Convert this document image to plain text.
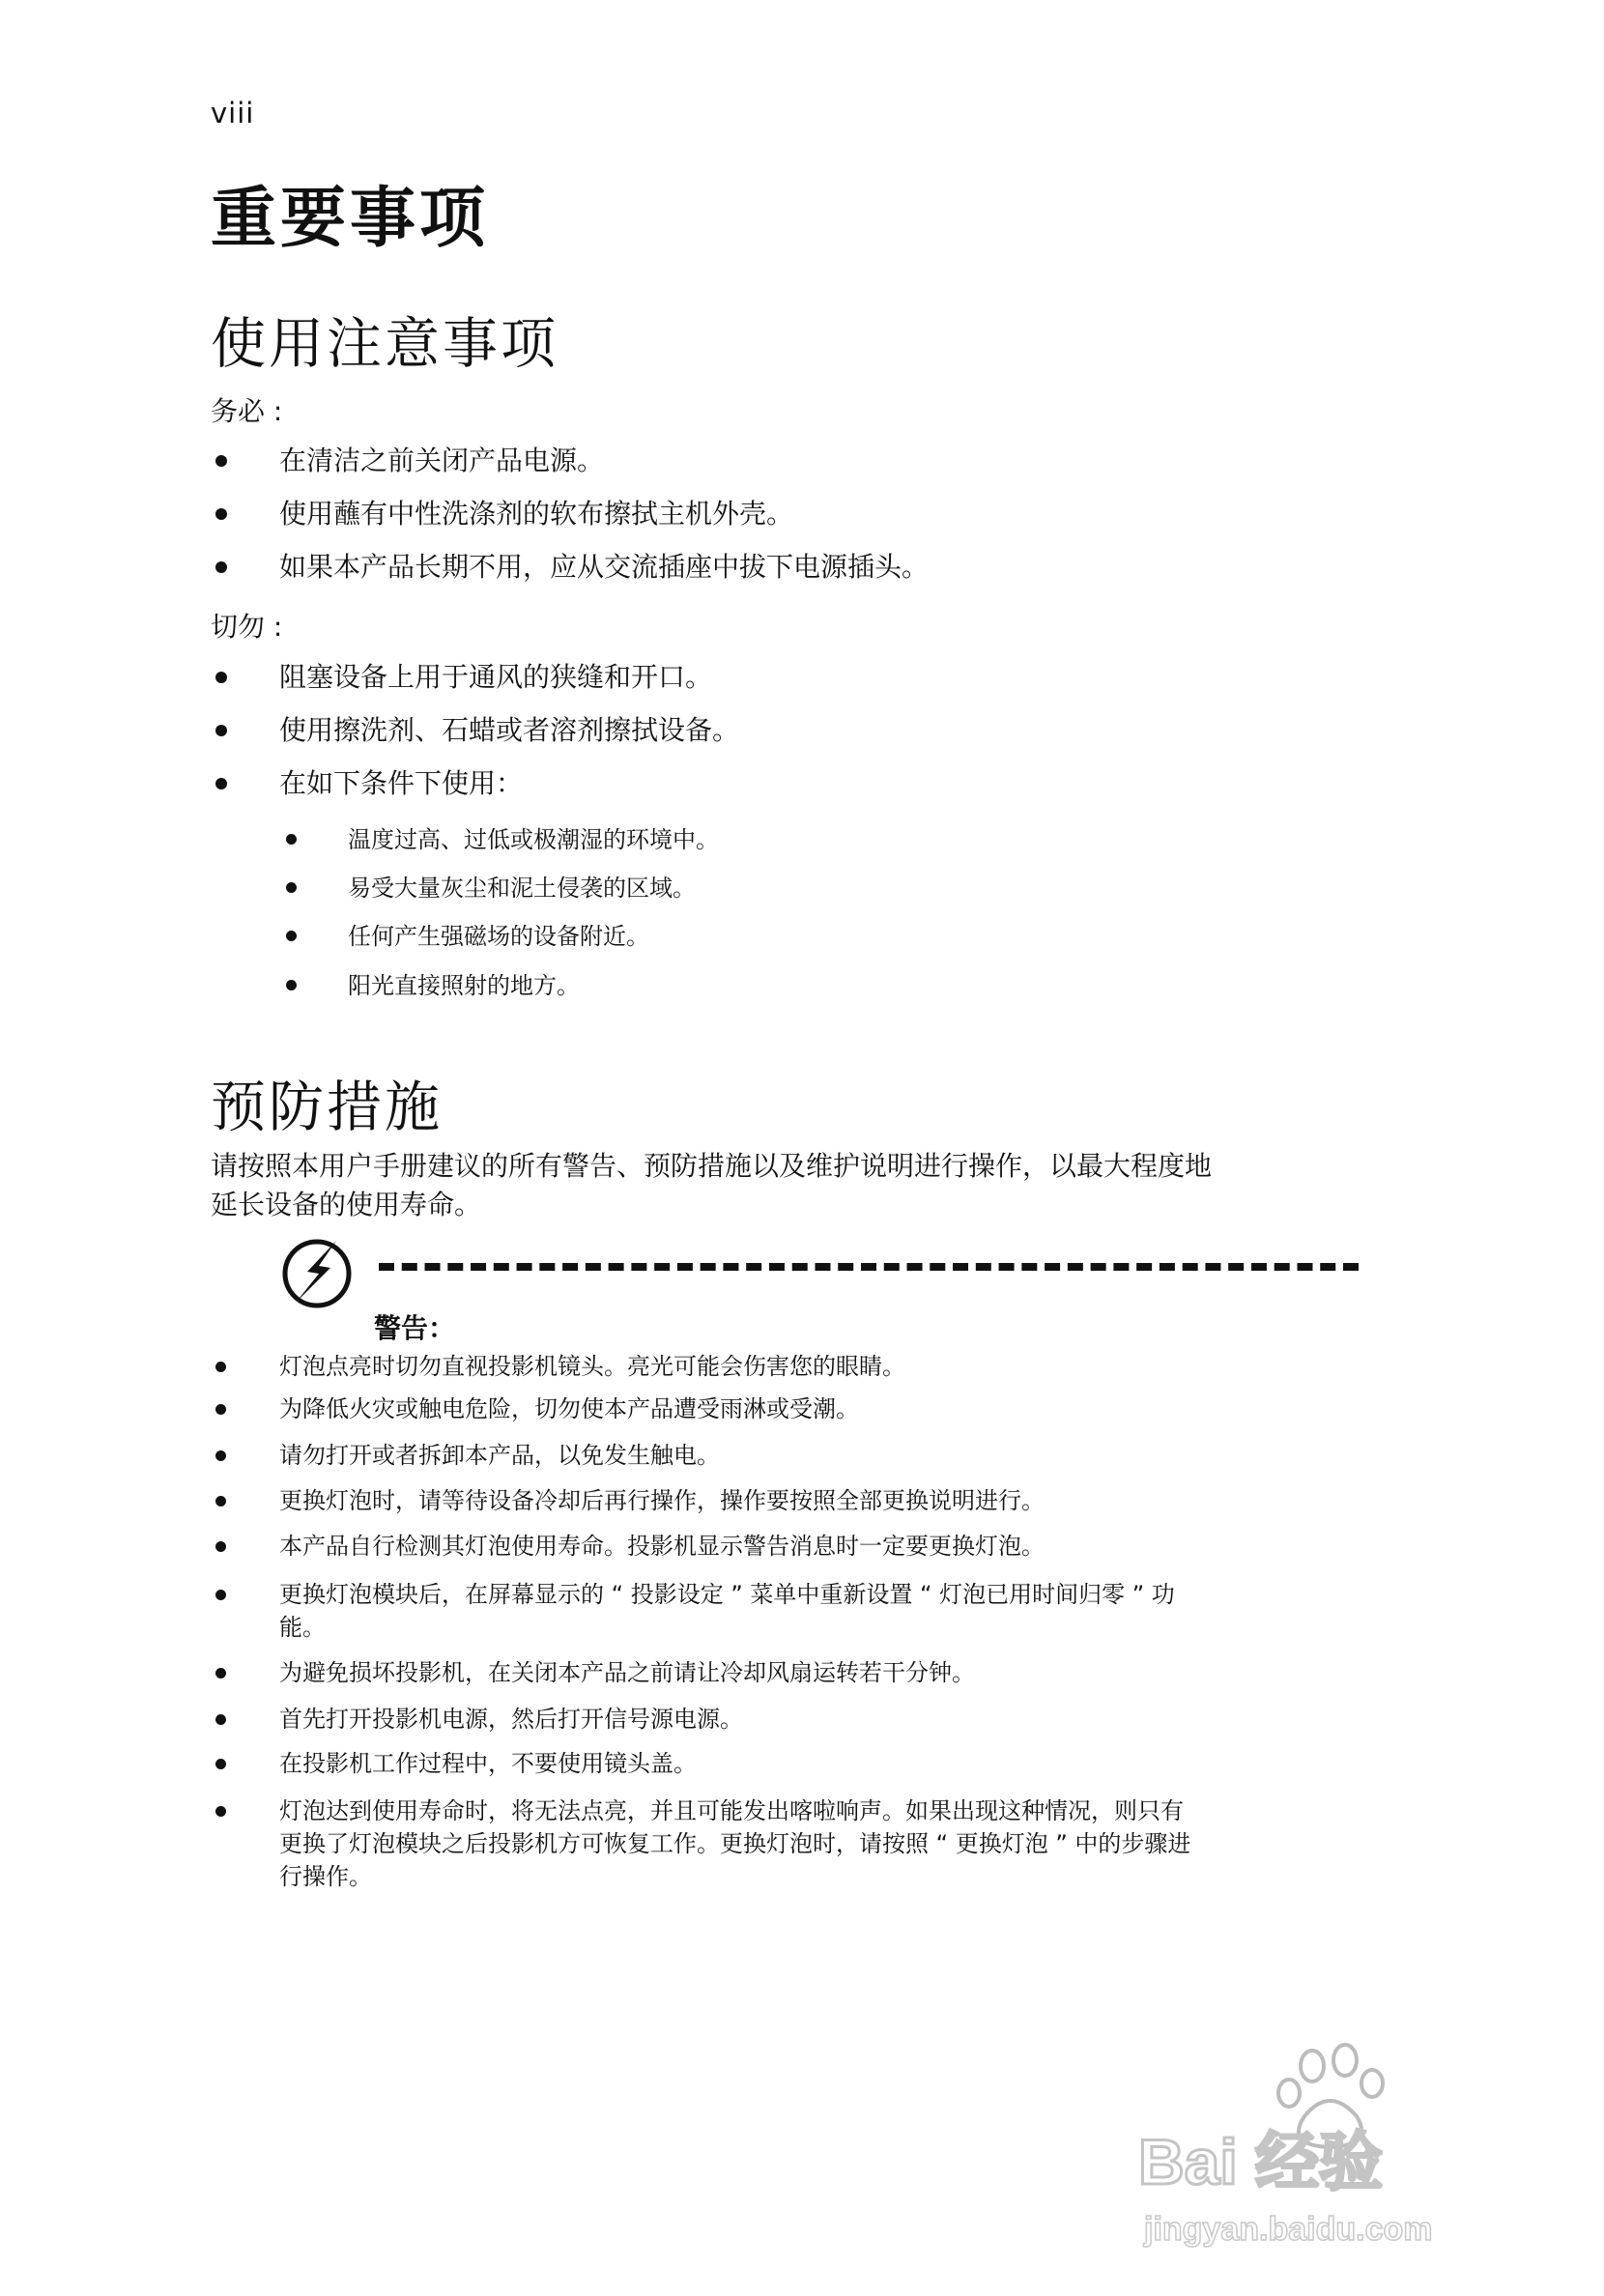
viii
重要事项
使用注意事项
务必 :
在清洁之前关闭产品电源。
使用蘸有中性洗涤剂的软布擦拭主机外壳。
如果本产品长期不用，应从交流插座中拔下电源插头。
切勿 :
阻塞设备上用于通风的狭缝和开口。
使用擦洗剂、石蜡或者溶剂擦拭设备。
在如下条件下使用：
温度过高、过低或极潮湿的环境中。
易受大量灰尘和泥土侵袭的区域。
任何产生强磁场的设备附近。
阳光直接照射的地方。
预防措施
请按照本用户手册建议的所有警告、预防措施以及维护说明进行操作，以最大程度地
延长设备的使用寿命。
警告：
灯泡点亮时切勿直视投影机镜头。亮光可能会伤害您的眼睛。
为降低火灾或触电危险，切勿使本产品遭受雨淋或受潮。
请勿打开或者拆卸本产品，以免发生触电。
更换灯泡时，请等待设备冷却后再行操作，操作要按照全部更换说明进行。
本产品自行检测其灯泡使用寿命。投影机显示警告消息时一定要更换灯泡。
更换灯泡模块后，在屏幕显示的 “ 投影设定 ” 菜单中重新设置 “ 灯泡已用时间归零 ” 功
能。
为避免损坏投影机，在关闭本产品之前请让冷却风扇运转若干分钟。
首先打开投影机电源，然后打开信号源电源。
在投影机工作过程中，不要使用镜头盖。
灯泡达到使用寿命时，将无法点亮，并且可能发出喀啦响声。如果出现这种情况，则只有
更换了灯泡模块之后投影机方可恢复工作。更换灯泡时，请按照 “ 更换灯泡 ” 中的步骤进
行操作。
Bai 经验
jingyan.baidu.com
